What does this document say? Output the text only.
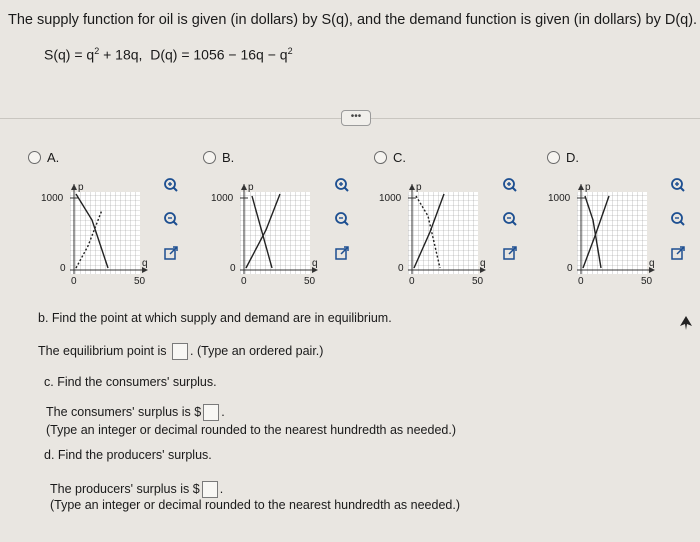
The supply function for oil is given (in dollars) by S(q), and the demand function is given (in dollars) by D(q).
$S(q) = q^2 + 18q$, $D(q) = 1056 - 16q - q^2$
•••
A.	B.	C.	D.
p
1000
0
0	50
q
p
1000
0
0	50
q
p
1000
0
0	50
q
p
1000
0
0	50
q
b. Find the point at which supply and demand are in equilibrium.
The equilibrium point is . (Type an ordered pair.)
c. Find the consumers' surplus.
The consumers' surplus is $ .
(Type an integer or decimal rounded to the nearest hundredth as needed.)
d. Find the producers' surplus.
The producers' surplus is $ .
(Type an integer or decimal rounded to the nearest hundredth as needed.)
